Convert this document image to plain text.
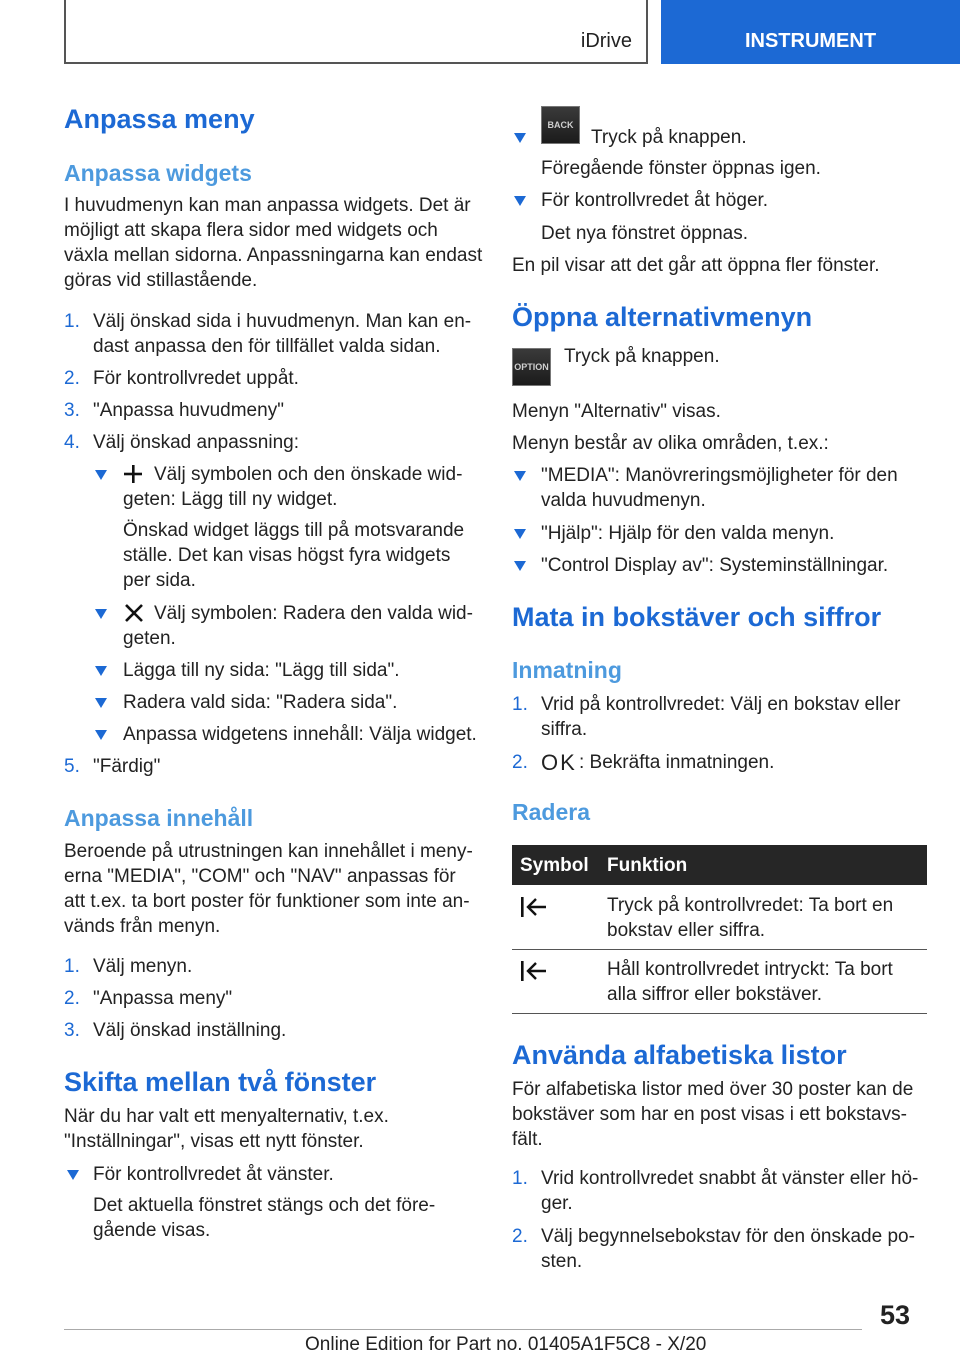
iDrive	INSTRUMENT
Anpassa meny
Anpassa widgets
I huvudmenyn kan man anpassa widgets. Det är
möjligt att skapa flera sidor med widgets och
växla mellan sidorna. Anpassningarna kan endast
göras vid stillastående.
1. Välj önskad sida i huvudmenyn. Man kan en-
dast anpassa den för tillfället valda sidan.
2. För kontrollvredet uppåt.
3. "Anpassa huvudmeny"
4. Välj önskad anpassning:
Välj symbolen och den önskade wid-
geten: Lägg till ny widget.
Önskad widget läggs till på motsvarande
ställe. Det kan visas högst fyra widgets
per sida.
Välj symbolen: Radera den valda wid-
geten.
Lägga till ny sida: "Lägg till sida".
Radera vald sida: "Radera sida".
Anpassa widgetens innehåll: Välja widget.
5. "Färdig"
Anpassa innehåll
Beroende på utrustningen kan innehållet i meny-
erna "MEDIA", "COM" och "NAV" anpassas för
att t.ex. ta bort poster för funktioner som inte an-
vänds från menyn.
1. Välj menyn.
2. "Anpassa meny"
3. Välj önskad inställning.
Skifta mellan två fönster
När du har valt ett menyalternativ, t.ex.
"Inställningar", visas ett nytt fönster.
För kontrollvredet åt vänster.
Det aktuella fönstret stängs och det före-
gående visas.
BACK
Tryck på knappen.
Föregående fönster öppnas igen.
För kontrollvredet åt höger.
Det nya fönstret öppnas.
En pil visar att det går att öppna fler fönster.
Öppna alternativmenyn
OPTION Tryck på knappen.
Menyn "Alternativ" visas.
Menyn består av olika områden, t.ex.:
"MEDIA": Manövreringsmöjligheter för den
valda huvudmenyn.
"Hjälp": Hjälp för den valda menyn.
"Control Display av": Systeminställningar.
Mata in bokstäver och siffror
Inmatning
1. Vrid på kontrollvredet: Välj en bokstav eller
siffra.
2. OK : Bekräfta inmatningen.
Radera
Symbol Funktion
Tryck på kontrollvredet: Ta bort en
bokstav eller siffra.
Håll kontrollvredet intryckt: Ta bort
alla siffror eller bokstäver.
Använda alfabetiska listor
För alfabetiska listor med över 30 poster kan de
bokstäver som har en post visas i ett bokstavs-
fält.
1. Vrid kontrollvredet snabbt åt vänster eller hö-
ger.
2. Välj begynnelsebokstav för den önskade po-
sten.
53
Online Edition for Part no. 01405A1F5C8 - X/20
